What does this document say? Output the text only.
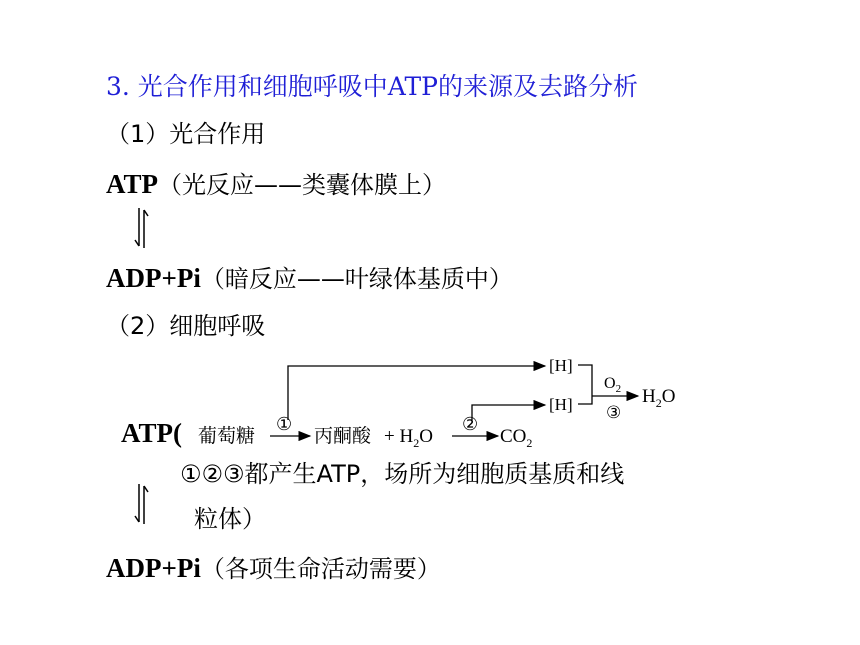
3. 光合作用和细胞呼吸中ATP的来源及去路分析
（1）光合作用
ATP（光反应——类囊体膜上）
ADP+Pi（暗反应——叶绿体基质中）
（2）细胞呼吸
ATP( 葡萄糖
①
丙酮酸 + $H_2O$
②
$CO_2$
[H]
[H]
$O_2$
③
$H_2O$
①②③都产生ATP，场所为细胞质基质和线
粒体）
ADP+Pi（各项生命活动需要）
